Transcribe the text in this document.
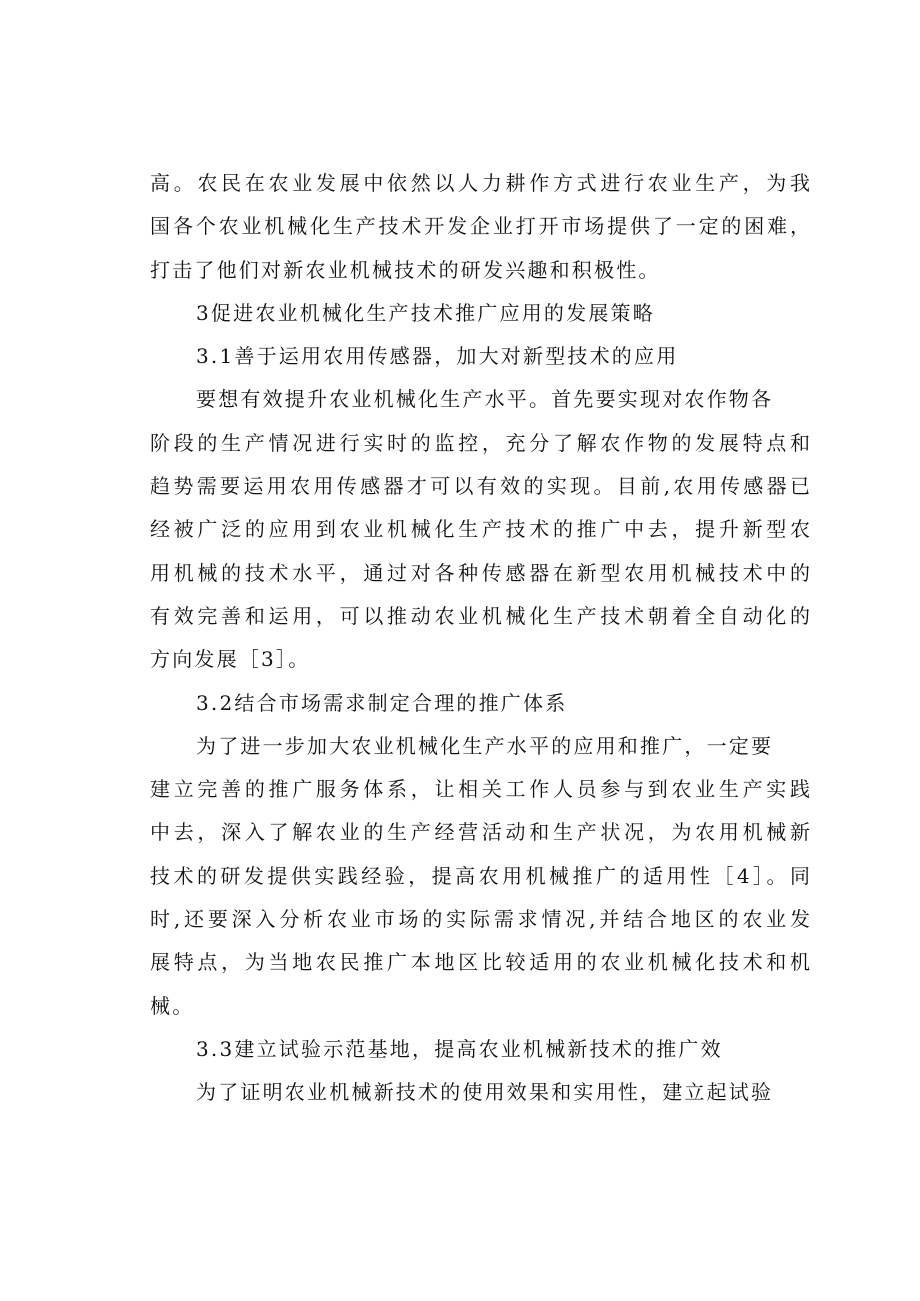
高。农民在农业发展中依然以人力耕作方式进行农业生产，为我
国各个农业机械化生产技术开发企业打开市场提供了一定的困难，
打击了他们对新农业机械技术的研发兴趣和积极性。
3促进农业机械化生产技术推广应用的发展策略
3.1善于运用农用传感器，加大对新型技术的应用
要想有效提升农业机械化生产水平。首先要实现对农作物各
阶段的生产情况进行实时的监控，充分了解农作物的发展特点和
趋势需要运用农用传感器才可以有效的实现。目前,农用传感器已
经被广泛的应用到农业机械化生产技术的推广中去，提升新型农
用机械的技术水平，通过对各种传感器在新型农用机械技术中的
有效完善和运用，可以推动农业机械化生产技术朝着全自动化的
方向发展［3］。
3.2结合市场需求制定合理的推广体系
为了进一步加大农业机械化生产水平的应用和推广，一定要
建立完善的推广服务体系，让相关工作人员参与到农业生产实践
中去，深入了解农业的生产经营活动和生产状况，为农用机械新
技术的研发提供实践经验，提高农用机械推广的适用性［4］。同
时,还要深入分析农业市场的实际需求情况,并结合地区的农业发
展特点，为当地农民推广本地区比较适用的农业机械化技术和机
械。
3.3建立试验示范基地，提高农业机械新技术的推广效
为了证明农业机械新技术的使用效果和实用性，建立起试验
